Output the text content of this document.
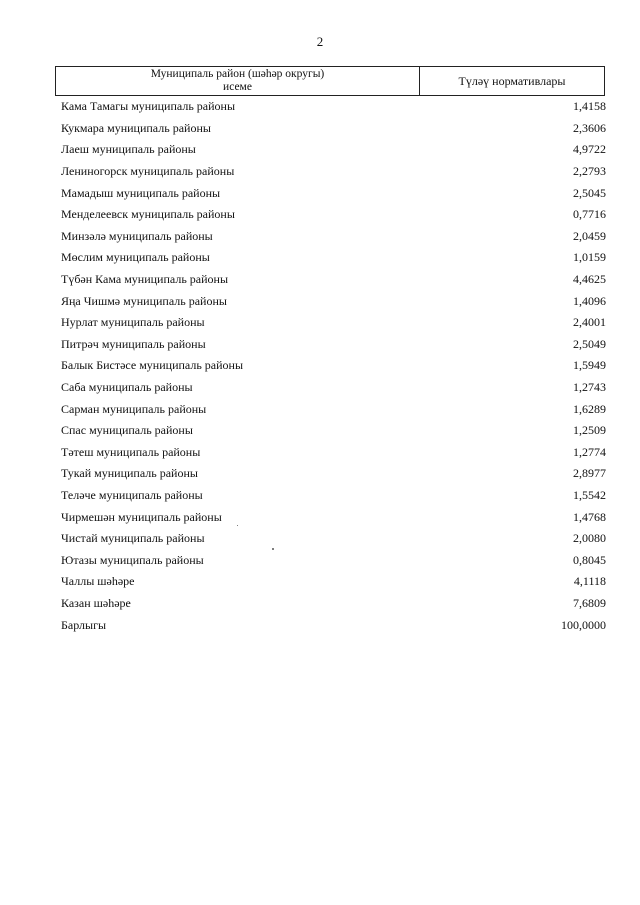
2
Муниципаль район (шәһәр округы)
исеме	Түләү нормативлары
Кама Тамагы муниципаль районы	1,4158
Кукмара муниципаль районы	2,3606
Лаеш муниципаль районы	4,9722
Лениногорск муниципаль районы	2,2793
Мамадыш муниципаль районы	2,5045
Менделеевск муниципаль районы	0,7716
Минзәлә муниципаль районы	2,0459
Мөслим муниципаль районы	1,0159
Түбән Кама муниципаль районы	4,4625
Яңа Чишмә муниципаль районы	1,4096
Нурлат муниципаль районы	2,4001
Питрәч муниципаль районы	2,5049
Балык Бистәсе муниципаль районы	1,5949
Саба муниципаль районы	1,2743
Сарман муниципаль районы	1,6289
Спас муниципаль районы	1,2509
Тәтеш муниципаль районы	1,2774
Тукай муниципаль районы	2,8977
Теләче муниципаль районы	1,5542
Чирмешән муниципаль районы	1,4768
Чистай муниципаль районы	2,0080
Ютазы муниципаль районы	0,8045
Чаллы шәһәре	4,1118
Казан шәһәре	7,6809
Барлыгы	100,0000
